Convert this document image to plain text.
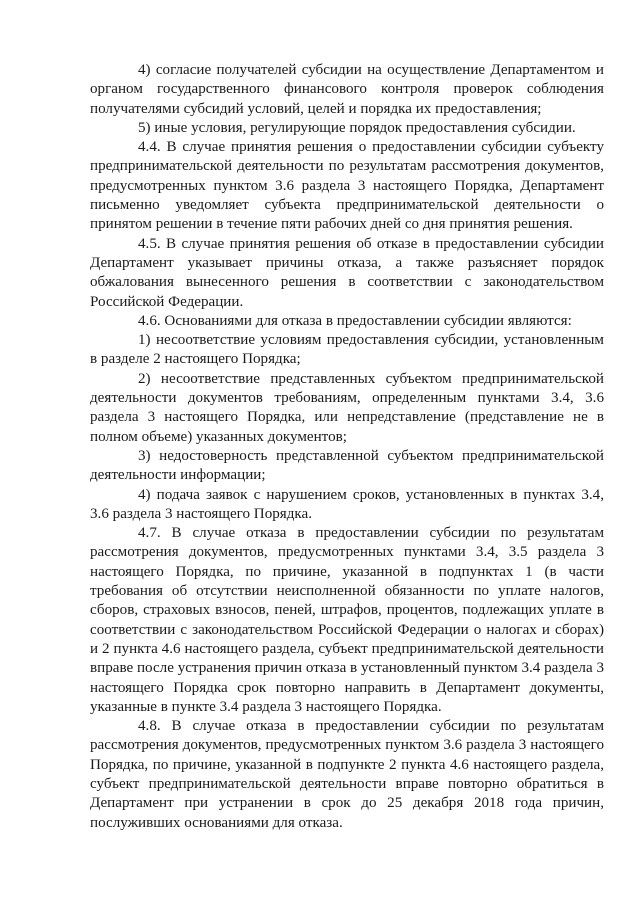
4) согласие получателей субсидии на осуществление Департаментом и органом государственного финансового контроля проверок соблюдения получателями субсидий условий, целей и порядка их предоставления;

5) иные условия, регулирующие порядок предоставления субсидии.

4.4. В случае принятия решения о предоставлении субсидии субъекту предпринимательской деятельности по результатам рассмотрения документов, предусмотренных пунктом 3.6 раздела 3 настоящего Порядка, Департамент письменно уведомляет субъекта предпринимательской деятельности о принятом решении в течение пяти рабочих дней со дня принятия решения.

4.5. В случае принятия решения об отказе в предоставлении субсидии Департамент указывает причины отказа, а также разъясняет порядок обжалования вынесенного решения в соответствии с законодательством Российской Федерации.

4.6. Основаниями для отказа в предоставлении субсидии являются:

1) несоответствие условиям предоставления субсидии, установленным в разделе 2 настоящего Порядка;

2) несоответствие представленных субъектом предпринимательской деятельности документов требованиям, определенным пунктами 3.4, 3.6 раздела 3 настоящего Порядка, или непредставление (представление не в полном объеме) указанных документов;

3) недостоверность представленной субъектом предпринимательской деятельности информации;

4) подача заявок с нарушением сроков, установленных в пунктах 3.4, 3.6 раздела 3 настоящего Порядка.

4.7. В случае отказа в предоставлении субсидии по результатам рассмотрения документов, предусмотренных пунктами 3.4, 3.5 раздела 3 настоящего Порядка, по причине, указанной в подпунктах 1 (в части требования об отсутствии неисполненной обязанности по уплате налогов, сборов, страховых взносов, пеней, штрафов, процентов, подлежащих уплате в соответствии с законодательством Российской Федерации о налогах и сборах) и 2 пункта 4.6 настоящего раздела, субъект предпринимательской деятельности вправе после устранения причин отказа в установленный пунктом 3.4 раздела 3 настоящего Порядка срок повторно направить в Департамент документы, указанные в пункте 3.4 раздела 3 настоящего Порядка.

4.8. В случае отказа в предоставлении субсидии по результатам рассмотрения документов, предусмотренных пунктом 3.6 раздела 3 настоящего Порядка, по причине, указанной в подпункте 2 пункта 4.6 настоящего раздела, субъект предпринимательской деятельности вправе повторно обратиться в Департамент при устранении в срок до 25 декабря 2018 года причин, послуживших основаниями для отказа.
